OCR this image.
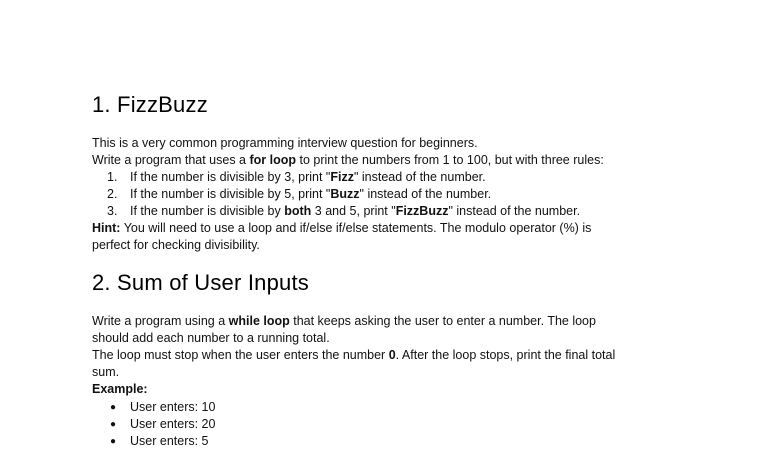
1. FizzBuzz
This is a very common programming interview question for beginners.
Write a program that uses a for loop to print the numbers from 1 to 100, but with three rules:
1. If the number is divisible by 3, print "Fizz" instead of the number.
2. If the number is divisible by 5, print "Buzz" instead of the number.
3. If the number is divisible by both 3 and 5, print "FizzBuzz" instead of the number.
Hint: You will need to use a loop and if/else if/else statements. The modulo operator (%) is
perfect for checking divisibility.
2. Sum of User Inputs
Write a program using a while loop that keeps asking the user to enter a number. The loop
should add each number to a running total.
The loop must stop when the user enters the number 0. After the loop stops, print the final total
sum.
Example:
● User enters: 10
● User enters: 20
● User enters: 5
